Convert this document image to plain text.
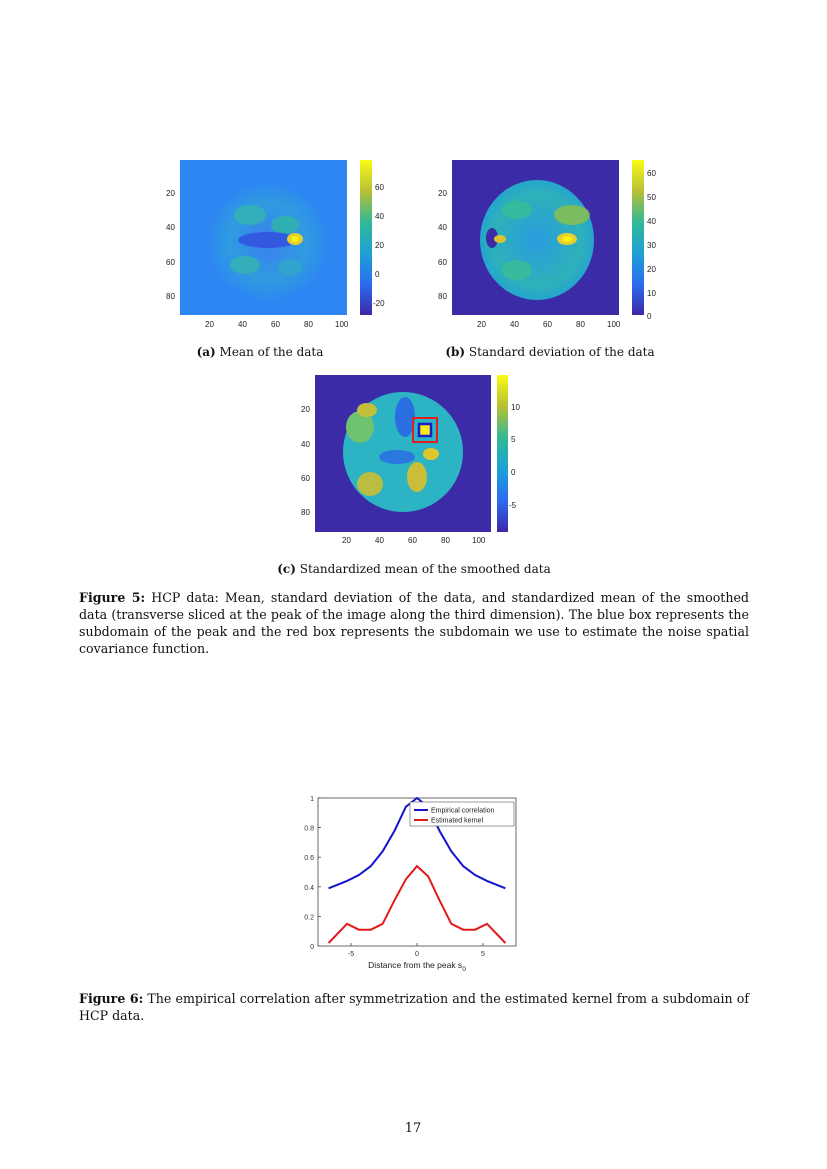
20
40
60
80
20	40	60	80	100
60
40
20
0
-20
(a) Mean of the data
20
40
60
80
20	40	60	80	100
60
50
40
30
20
10
0
(b) Standard deviation of the data
20
40
60
80
20	40	60	80	100
10
5
0
-5
(c) Standardized mean of the smoothed data
Figure 5: HCP data: Mean, standard deviation of the data, and standardized mean of the smoothed data (transverse sliced at the peak of the image along the third dimension). The blue box represents the subdomain of the peak and the red box represents the subdomain we use to estimate the noise spatial covariance function.
0
0.2
0.4
0.6
0.8
1
-5	0	5
Distance from the peak $s_0$
Empirical correlation
Estimated kernel
Figure 6: The empirical correlation after symmetrization and the estimated kernel from a subdomain of HCP data.
17
